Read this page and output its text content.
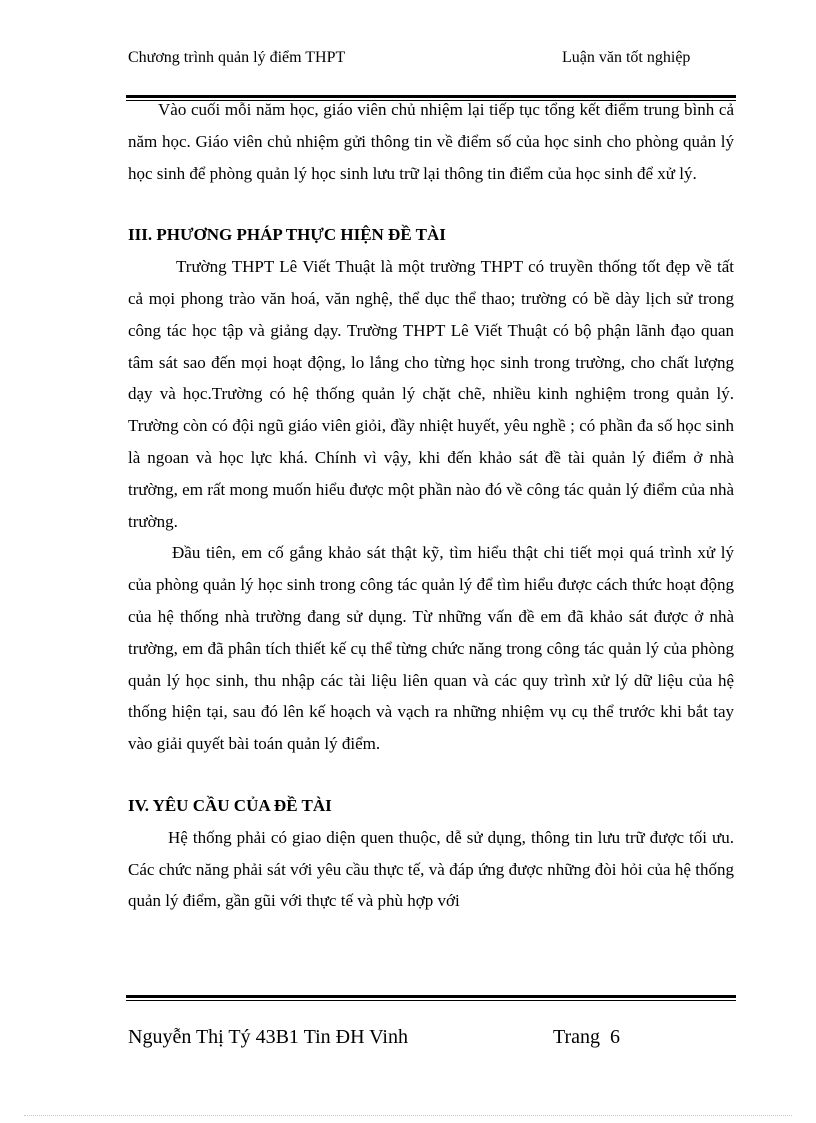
Chương trình quản lý điểm THPT	Luận văn tốt nghiệp

Vào cuối mỗi năm học, giáo viên chủ nhiệm lại tiếp tục tổng kết điểm trung bình cả năm học. Giáo viên chủ nhiệm gửi thông tin về điểm số của học sinh cho phòng quản lý học sinh để phòng quản lý học sinh lưu trữ lại thông tin điểm của học sinh để xử lý.

III. PHƯƠNG PHÁP THỰC HIỆN ĐỀ TÀI

Trường THPT Lê Viết Thuật là một trường THPT có truyền thống tốt đẹp về tất cả mọi phong trào văn hoá, văn nghệ, thể dục thể thao; trường có bề dày lịch sử trong công tác học tập và giảng dạy. Trường THPT Lê Viết Thuật có bộ phận lãnh đạo quan tâm sát sao đến mọi hoạt động, lo lắng cho từng học sinh trong trường, cho chất lượng dạy và học.Trường có hệ thống quản lý chặt chẽ, nhiều kinh nghiệm trong quản lý. Trường còn có đội ngũ giáo viên giỏi, đầy nhiệt huyết, yêu nghề ; có phần đa số học sinh là ngoan và học lực khá. Chính vì vậy, khi đến khảo sát đề tài quản lý điểm ở nhà trường, em rất mong muốn hiểu được một phần nào đó về công tác quản lý điểm của nhà trường.

Đầu tiên, em cố gắng khảo sát thật kỹ, tìm hiểu thật chi tiết mọi quá trình xử lý của phòng quản lý học sinh trong công tác quản lý để tìm hiểu được cách thức hoạt động của hệ thống nhà trường đang sử dụng. Từ những vấn đề em đã khảo sát được ở nhà trường, em đã phân tích thiết kế cụ thể từng chức năng trong công tác quản lý của phòng quản lý học sinh, thu nhập các tài liệu liên quan và các quy trình xử lý dữ liệu của hệ thống hiện tại, sau đó lên kế hoạch và vạch ra những nhiệm vụ cụ thể trước khi bắt tay vào giải quyết bài toán quản lý điểm.

IV. YÊU CẦU CỦA ĐỀ TÀI

Hệ thống phải có giao diện quen thuộc, dễ sử dụng, thông tin lưu trữ được tối ưu. Các chức năng phải sát với yêu cầu thực tế, và đáp ứng được những đòi hỏi của hệ thống quản lý điểm, gần gũi với thực tế và phù hợp với

Nguyễn Thị Tý 43B1 Tin ĐH Vinh	Trang  6
